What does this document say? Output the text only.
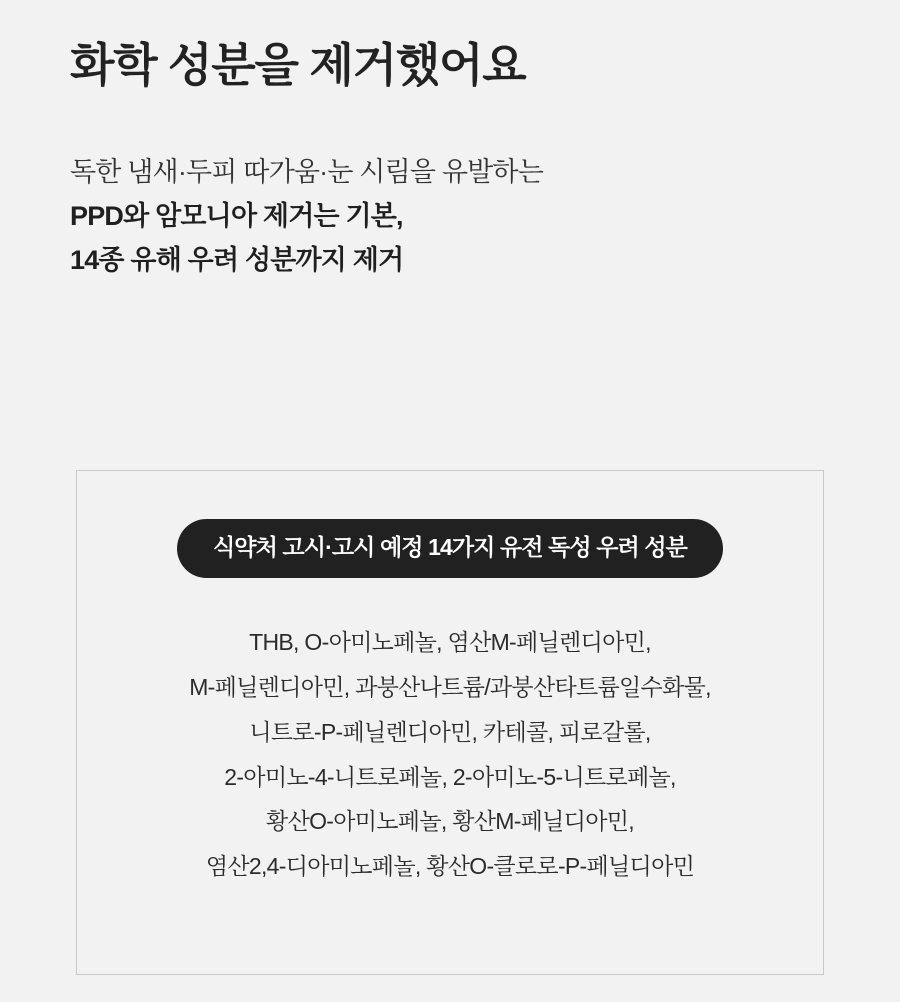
화학 성분을 제거했어요
독한 냄새·두피 따가움·눈 시림을 유발하는
PPD와 암모니아 제거는 기본,
14종 유해 우려 성분까지 제거
식약처 고시·고시 예정 14가지 유전 독성 우려 성분
THB, O-아미노페놀, 염산M-페닐렌디아민,
M-페닐렌디아민, 과붕산나트륨/과붕산타트륨일수화물,
니트로-P-페닐렌디아민, 카테콜, 피로갈롤,
2-아미노-4-니트로페놀, 2-아미노-5-니트로페놀,
황산O-아미노페놀, 황산M-페닐디아민,
염산2,4-디아미노페놀, 황산O-클로로-P-페닐디아민
